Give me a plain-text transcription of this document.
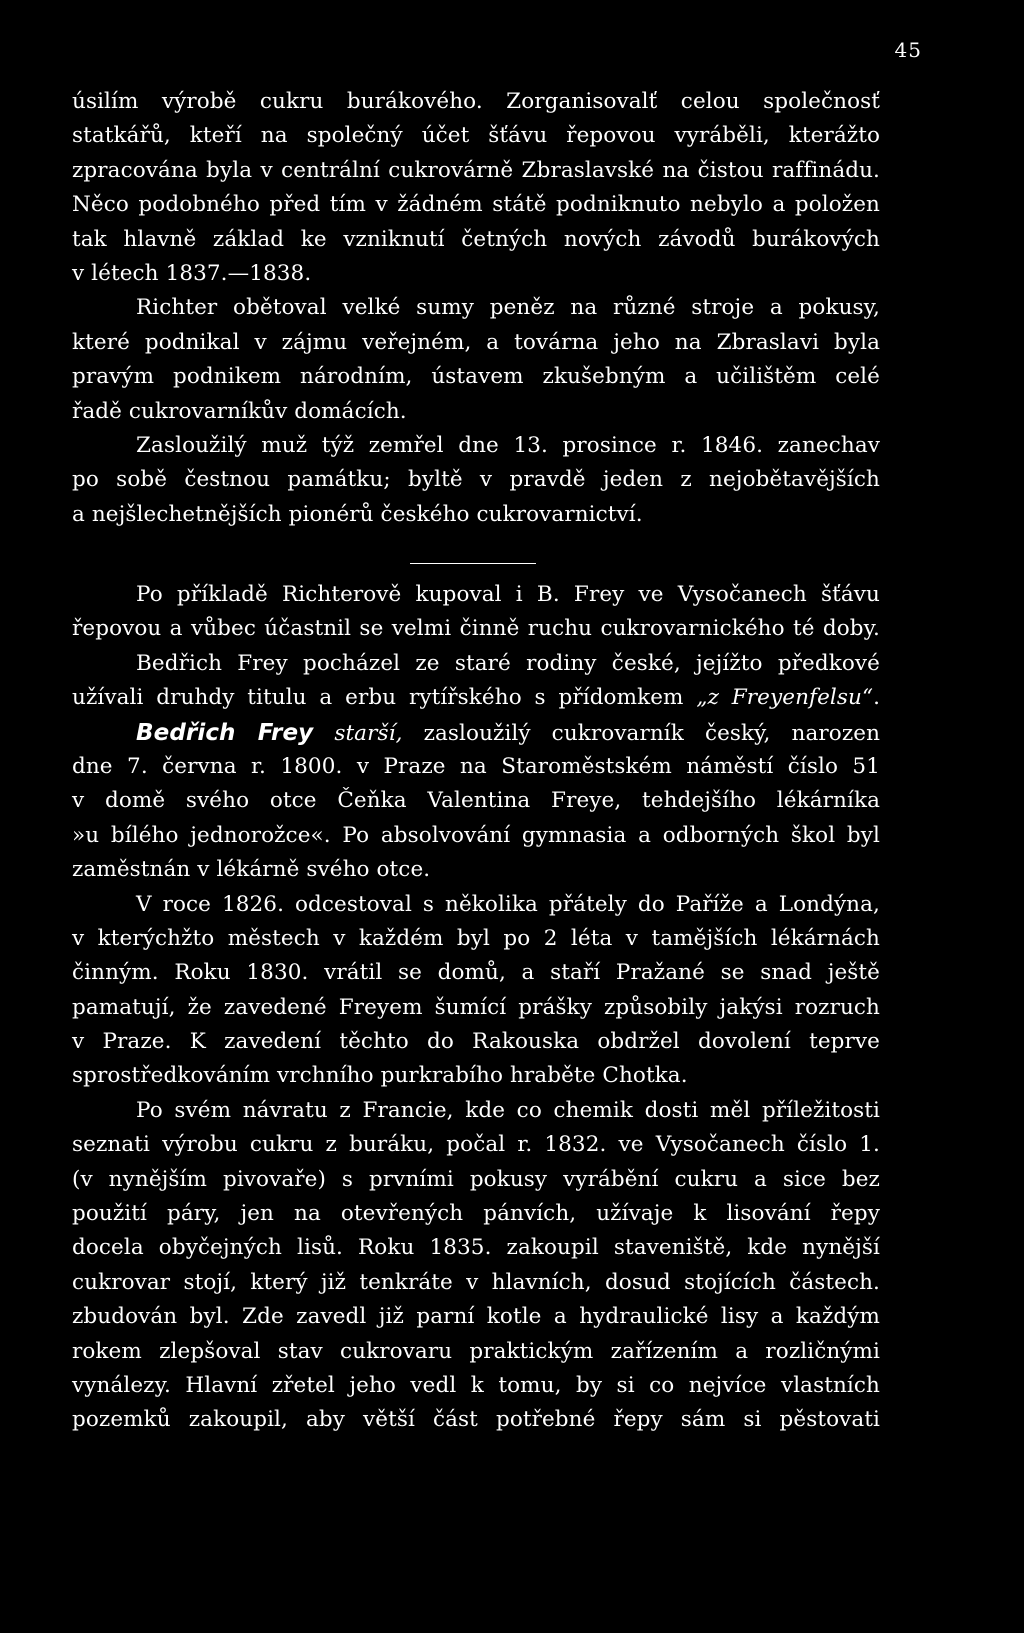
45
úsilím výrobě cukru burákového. Zorganisovalť celou společnosť
statkářů, kteří na společný účet šťávu řepovou vyráběli, kterážto
zpracována byla v centrální cukrovárně Zbraslavské na čistou raffinádu.
Něco podobného před tím v žádném státě podniknuto nebylo a položen
tak hlavně základ ke vzniknutí četných nových závodů burákových
v létech 1837.—1838.
Richter obětoval velké sumy peněz na různé stroje a pokusy,
které podnikal v zájmu veřejném, a továrna jeho na Zbraslavi byla
pravým podnikem národním, ústavem zkušebným a učilištěm celé
řadě cukrovarníkův domácích.
Zasloužilý muž týž zemřel dne 13. prosince r. 1846. zanechav
po sobě čestnou památku; byltě v pravdě jeden z nejobětavějších
a nejšlechetnějších pionérů českého cukrovarnictví.
Po příkladě Richterově kupoval i B. Frey ve Vysočanech šťávu
řepovou a vůbec účastnil se velmi činně ruchu cukrovarnického té doby.
Bedřich Frey pocházel ze staré rodiny české, jejížto předkové
užívali druhdy titulu a erbu rytířského s přídomkem „z Freyenfelsu“.
Bedřich Frey starší, zasloužilý cukrovarník český, narozen
dne 7. června r. 1800. v Praze na Staroměstském náměstí číslo 51
v domě svého otce Čeňka Valentina Freye, tehdejšího lékárníka
»u bílého jednorožce«. Po absolvování gymnasia a odborných škol byl
zaměstnán v lékárně svého otce.
V roce 1826. odcestoval s několika přátely do Paříže a Londýna,
v kterýchžto městech v každém byl po 2 léta v tamějších lékárnách
činným. Roku 1830. vrátil se domů, a staří Pražané se snad ještě
pamatují, že zavedené Freyem šumící prášky způsobily jakýsi rozruch
v Praze. K zavedení těchto do Rakouska obdržel dovolení teprve
sprostředkováním vrchního purkrabího hraběte Chotka.
Po svém návratu z Francie, kde co chemik dosti měl příležitosti
seznati výrobu cukru z buráku, počal r. 1832. ve Vysočanech číslo 1.
(v nynějším pivovaře) s prvními pokusy vyrábění cukru a sice bez
použití páry, jen na otevřených pánvích, užívaje k lisování řepy
docela obyčejných lisů. Roku 1835. zakoupil staveniště, kde nynější
cukrovar stojí, který již tenkráte v hlavních, dosud stojících částech.
zbudován byl. Zde zavedl již parní kotle a hydraulické lisy a každým
rokem zlepšoval stav cukrovaru praktickým zařízením a rozličnými
vynálezy. Hlavní zřetel jeho vedl k tomu, by si co nejvíce vlastních
pozemků zakoupil, aby větší část potřebné řepy sám si pěstovati
